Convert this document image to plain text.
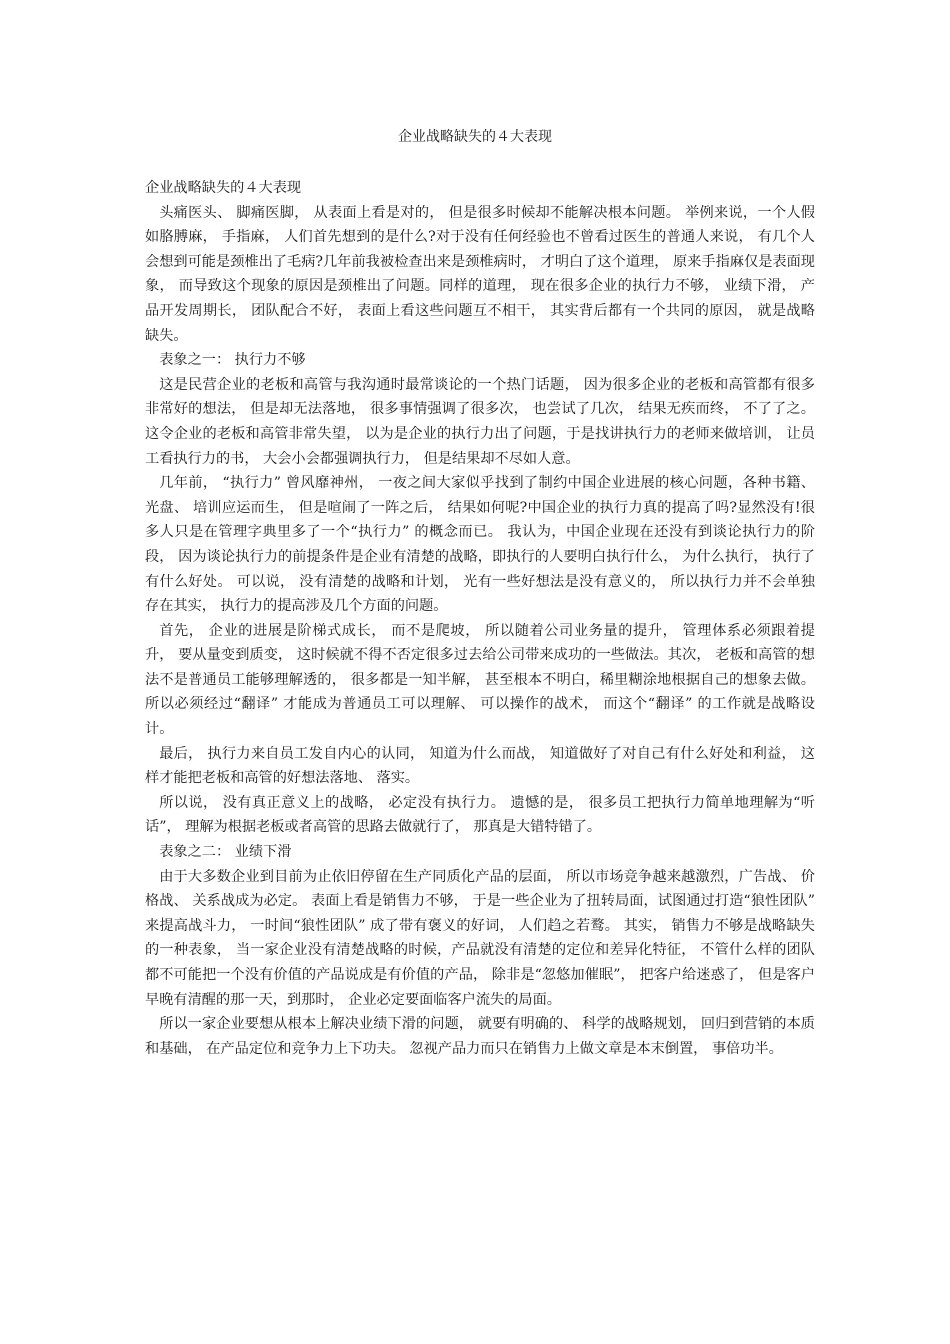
企业战略缺失的４大表现

企业战略缺失的４大表现

头痛医头、 脚痛医脚， 从表面上看是对的， 但是很多时候却不能解决根本问题。 举例来说，一个人假如胳膊麻， 手指麻， 人们首先想到的是什么?对于没有任何经验也不曾看过医生的普通人来说， 有几个人会想到可能是颈椎出了毛病?几年前我被检查出来是颈椎病时， 才明白了这个道理， 原来手指麻仅是表面现象， 而导致这个现象的原因是颈椎出了问题。同样的道理， 现在很多企业的执行力不够， 业绩下滑， 产品开发周期长， 团队配合不好， 表面上看这些问题互不相干， 其实背后都有一个共同的原因， 就是战略缺失。

表象之一： 执行力不够

这是民营企业的老板和高管与我沟通时最常谈论的一个热门话题， 因为很多企业的老板和高管都有很多非常好的想法， 但是却无法落地， 很多事情强调了很多次， 也尝试了几次， 结果无疾而终， 不了了之。 这令企业的老板和高管非常失望， 以为是企业的执行力出了问题，于是找讲执行力的老师来做培训， 让员工看执行力的书， 大会小会都强调执行力， 但是结果却不尽如人意。

几年前， “执行力” 曾风靡神州， 一夜之间大家似乎找到了制约中国企业进展的核心问题，各种书籍、 光盘、 培训应运而生， 但是喧闹了一阵之后， 结果如何呢?中国企业的执行力真的提高了吗?显然没有!很多人只是在管理字典里多了一个“执行力” 的概念而已。 我认为，中国企业现在还没有到谈论执行力的阶段， 因为谈论执行力的前提条件是企业有清楚的战略，即执行的人要明白执行什么， 为什么执行， 执行了有什么好处。 可以说， 没有清楚的战略和计划， 光有一些好想法是没有意义的， 所以执行力并不会单独存在其实， 执行力的提高涉及几个方面的问题。

首先， 企业的进展是阶梯式成长， 而不是爬坡， 所以随着公司业务量的提升， 管理体系必须跟着提升， 要从量变到质变， 这时候就不得不否定很多过去给公司带来成功的一些做法。其次， 老板和高管的想法不是普通员工能够理解透的， 很多都是一知半解， 甚至根本不明白，稀里糊涂地根据自己的想象去做。 所以必须经过“翻译” 才能成为普通员工可以理解、 可以操作的战术， 而这个“翻译” 的工作就是战略设计。

最后， 执行力来自员工发自内心的认同， 知道为什么而战， 知道做好了对自己有什么好处和利益， 这样才能把老板和高管的好想法落地、 落实。

所以说， 没有真正意义上的战略， 必定没有执行力。 遗憾的是， 很多员工把执行力简单地理解为“听话”， 理解为根据老板或者高管的思路去做就行了， 那真是大错特错了。

表象之二： 业绩下滑

由于大多数企业到目前为止依旧停留在生产同质化产品的层面， 所以市场竞争越来越激烈，广告战、 价格战、 关系战成为必定。 表面上看是销售力不够， 于是一些企业为了扭转局面，试图通过打造“狼性团队” 来提高战斗力， 一时间“狼性团队” 成了带有褒义的好词， 人们趋之若鹜。 其实， 销售力不够是战略缺失的一种表象， 当一家企业没有清楚战略的时候，产品就没有清楚的定位和差异化特征， 不管什么样的团队都不可能把一个没有价值的产品说成是有价值的产品， 除非是“忽悠加催眠”， 把客户给迷惑了， 但是客户早晚有清醒的那一天，到那时， 企业必定要面临客户流失的局面。

所以一家企业要想从根本上解决业绩下滑的问题， 就要有明确的、 科学的战略规划， 回归到营销的本质和基础， 在产品定位和竞争力上下功夫。 忽视产品力而只在销售力上做文章是本末倒置， 事倍功半。
